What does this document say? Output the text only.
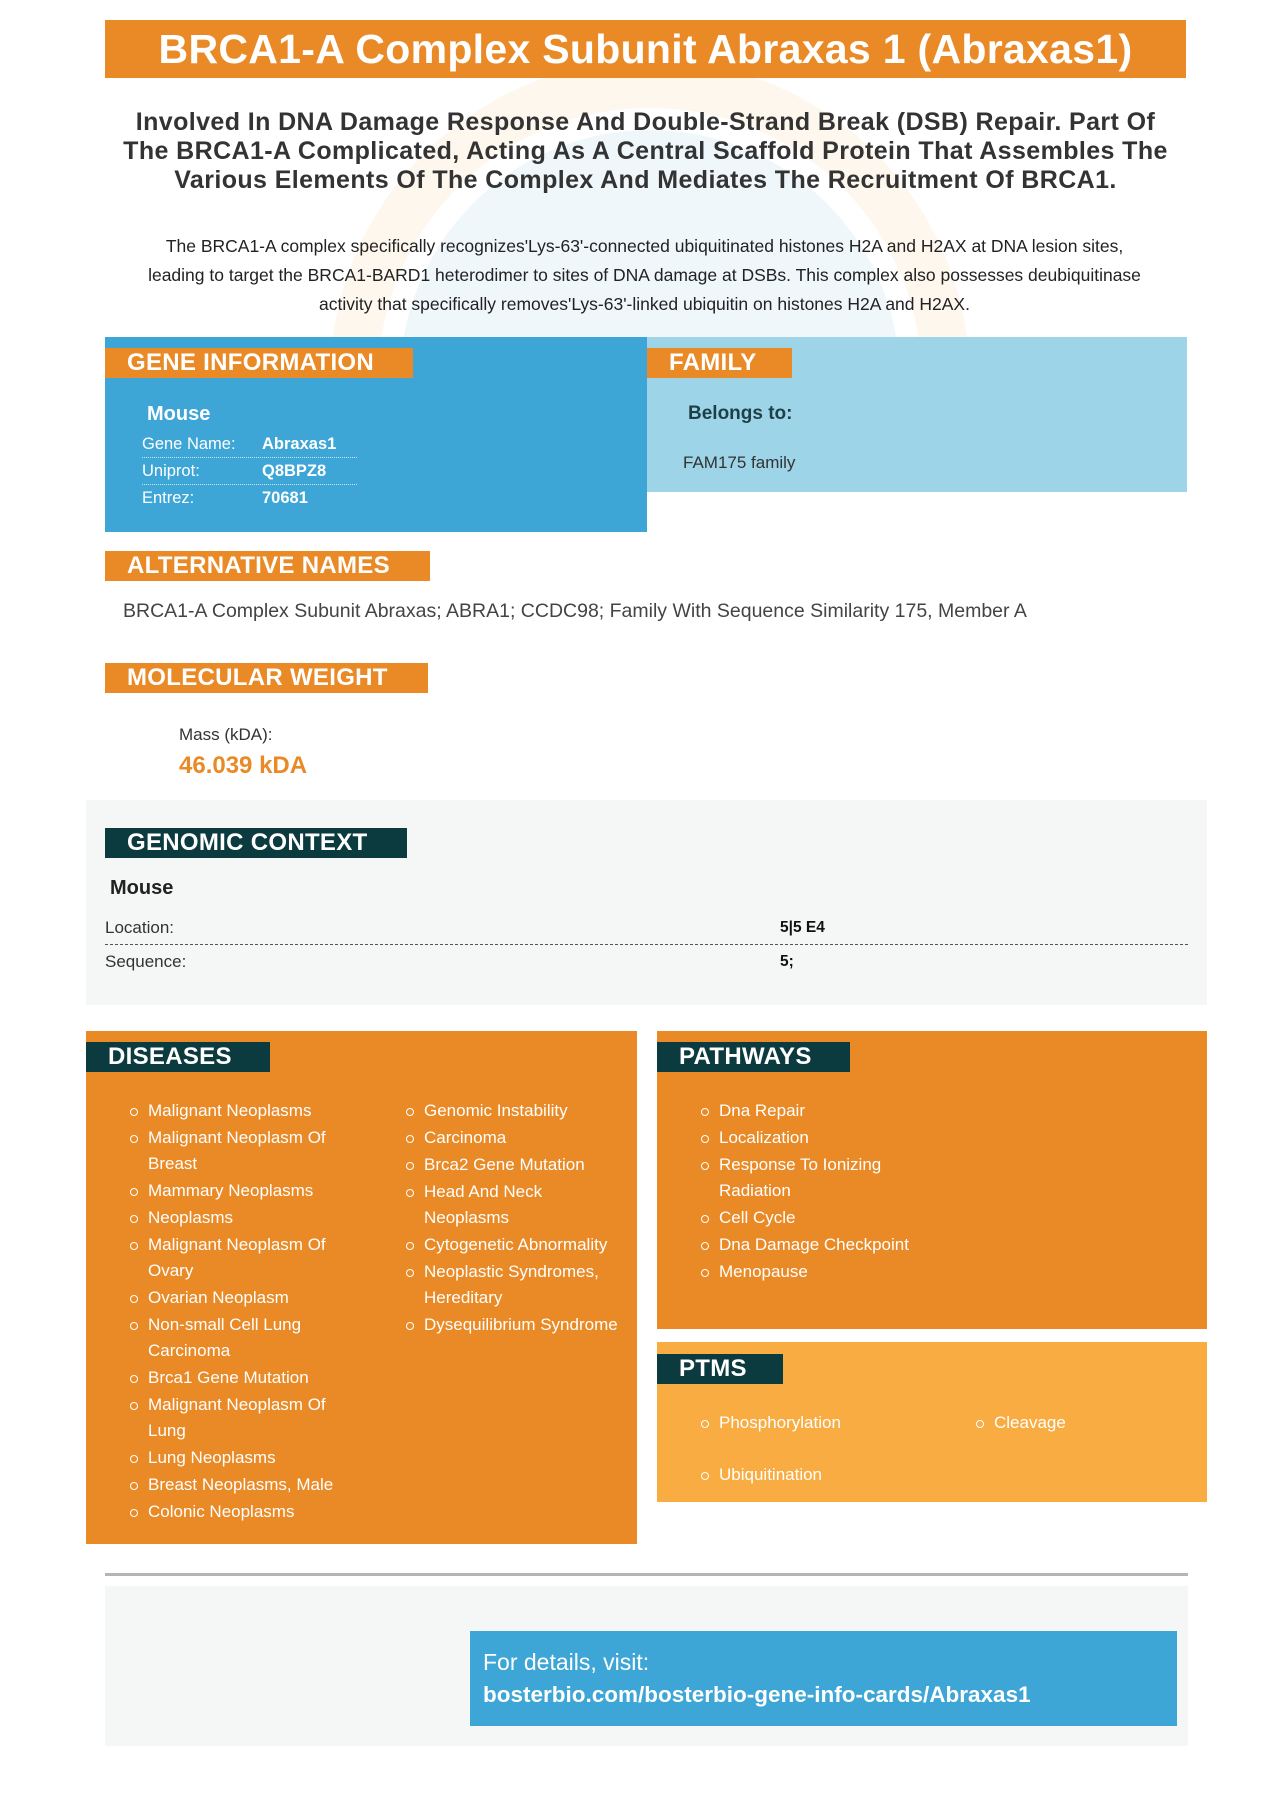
BRCA1-A Complex Subunit Abraxas 1 (Abraxas1)
Involved In DNA Damage Response And Double-Strand Break (DSB) Repair. Part Of The BRCA1-A Complicated, Acting As A Central Scaffold Protein That Assembles The Various Elements Of The Complex And Mediates The Recruitment Of BRCA1.
The BRCA1-A complex specifically recognizes'Lys-63'-connected ubiquitinated histones H2A and H2AX at DNA lesion sites, leading to target the BRCA1-BARD1 heterodimer to sites of DNA damage at DSBs. This complex also possesses deubiquitinase activity that specifically removes'Lys-63'-linked ubiquitin on histones H2A and H2AX.
GENE INFORMATION	FAMILY
Mouse
Gene Name:	Abraxas1
Uniprot:	Q8BPZ8
Entrez:	70681
Belongs to:
FAM175 family
ALTERNATIVE NAMES
BRCA1-A Complex Subunit Abraxas; ABRA1; CCDC98; Family With Sequence Similarity 175, Member A
MOLECULAR WEIGHT
Mass (kDA):
46.039 kDA
GENOMIC CONTEXT
Mouse
Location:	5|5 E4
Sequence:	5;
DISEASES
Malignant Neoplasms
Malignant Neoplasm Of Breast
Mammary Neoplasms
Neoplasms
Malignant Neoplasm Of Ovary
Ovarian Neoplasm
Non-small Cell Lung Carcinoma
Brca1 Gene Mutation
Malignant Neoplasm Of Lung
Lung Neoplasms
Breast Neoplasms, Male
Colonic Neoplasms
Genomic Instability
Carcinoma
Brca2 Gene Mutation
Head And Neck Neoplasms
Cytogenetic Abnormality
Neoplastic Syndromes, Hereditary
Dysequilibrium Syndrome
PATHWAYS
Dna Repair
Localization
Response To Ionizing Radiation
Cell Cycle
Dna Damage Checkpoint
Menopause
PTMS
Phosphorylation
Ubiquitination
Cleavage
For details, visit:
bosterbio.com/bosterbio-gene-info-cards/Abraxas1
